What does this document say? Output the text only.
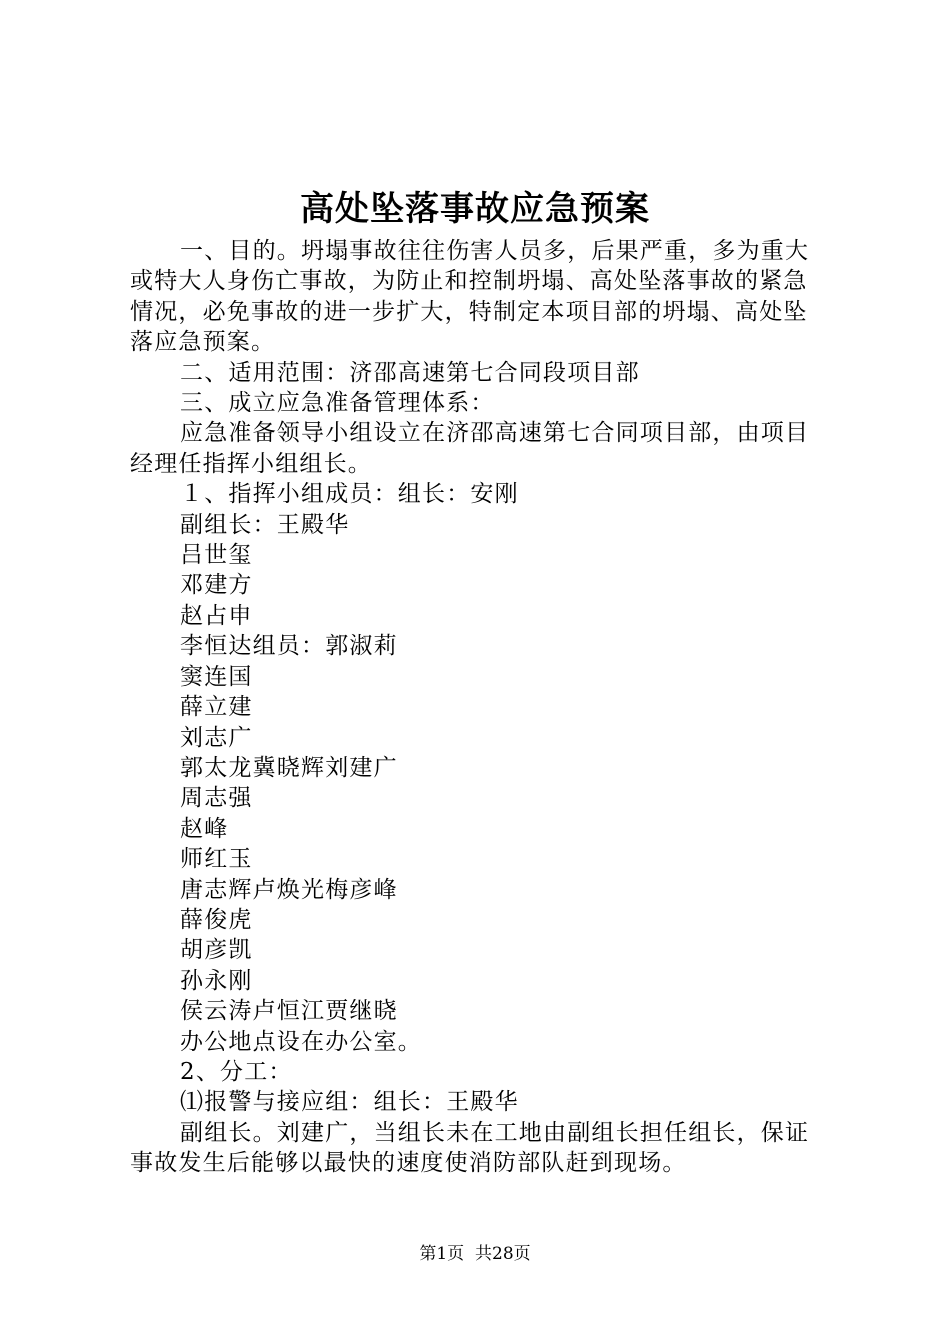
高处坠落事故应急预案

一、目的。坍塌事故往往伤害人员多，后果严重，多为重大或特大人身伤亡事故，为防止和控制坍塌、高处坠落事故的紧急情况，必免事故的进一步扩大，特制定本项目部的坍塌、高处坠落应急预案。

二、适用范围：济邵高速第七合同段项目部

三、成立应急准备管理体系：

应急准备领导小组设立在济邵高速第七合同项目部，由项目经理任指挥小组组长。

１、指挥小组成员：组长：安刚

副组长：王殿华

吕世玺

邓建方

赵占申

李恒达组员：郭淑莉

窦连国

薛立建

刘志广

郭太龙冀晓辉刘建广

周志强

赵峰

师红玉

唐志辉卢焕光梅彦峰

薛俊虎

胡彦凯

孙永刚

侯云涛卢恒江贾继晓

办公地点设在办公室。

2、分工：

⑴报警与接应组：组长：王殿华

副组长。刘建广，当组长未在工地由副组长担任组长，保证事故发生后能够以最快的速度使消防部队赶到现场。

第1页 共28页
